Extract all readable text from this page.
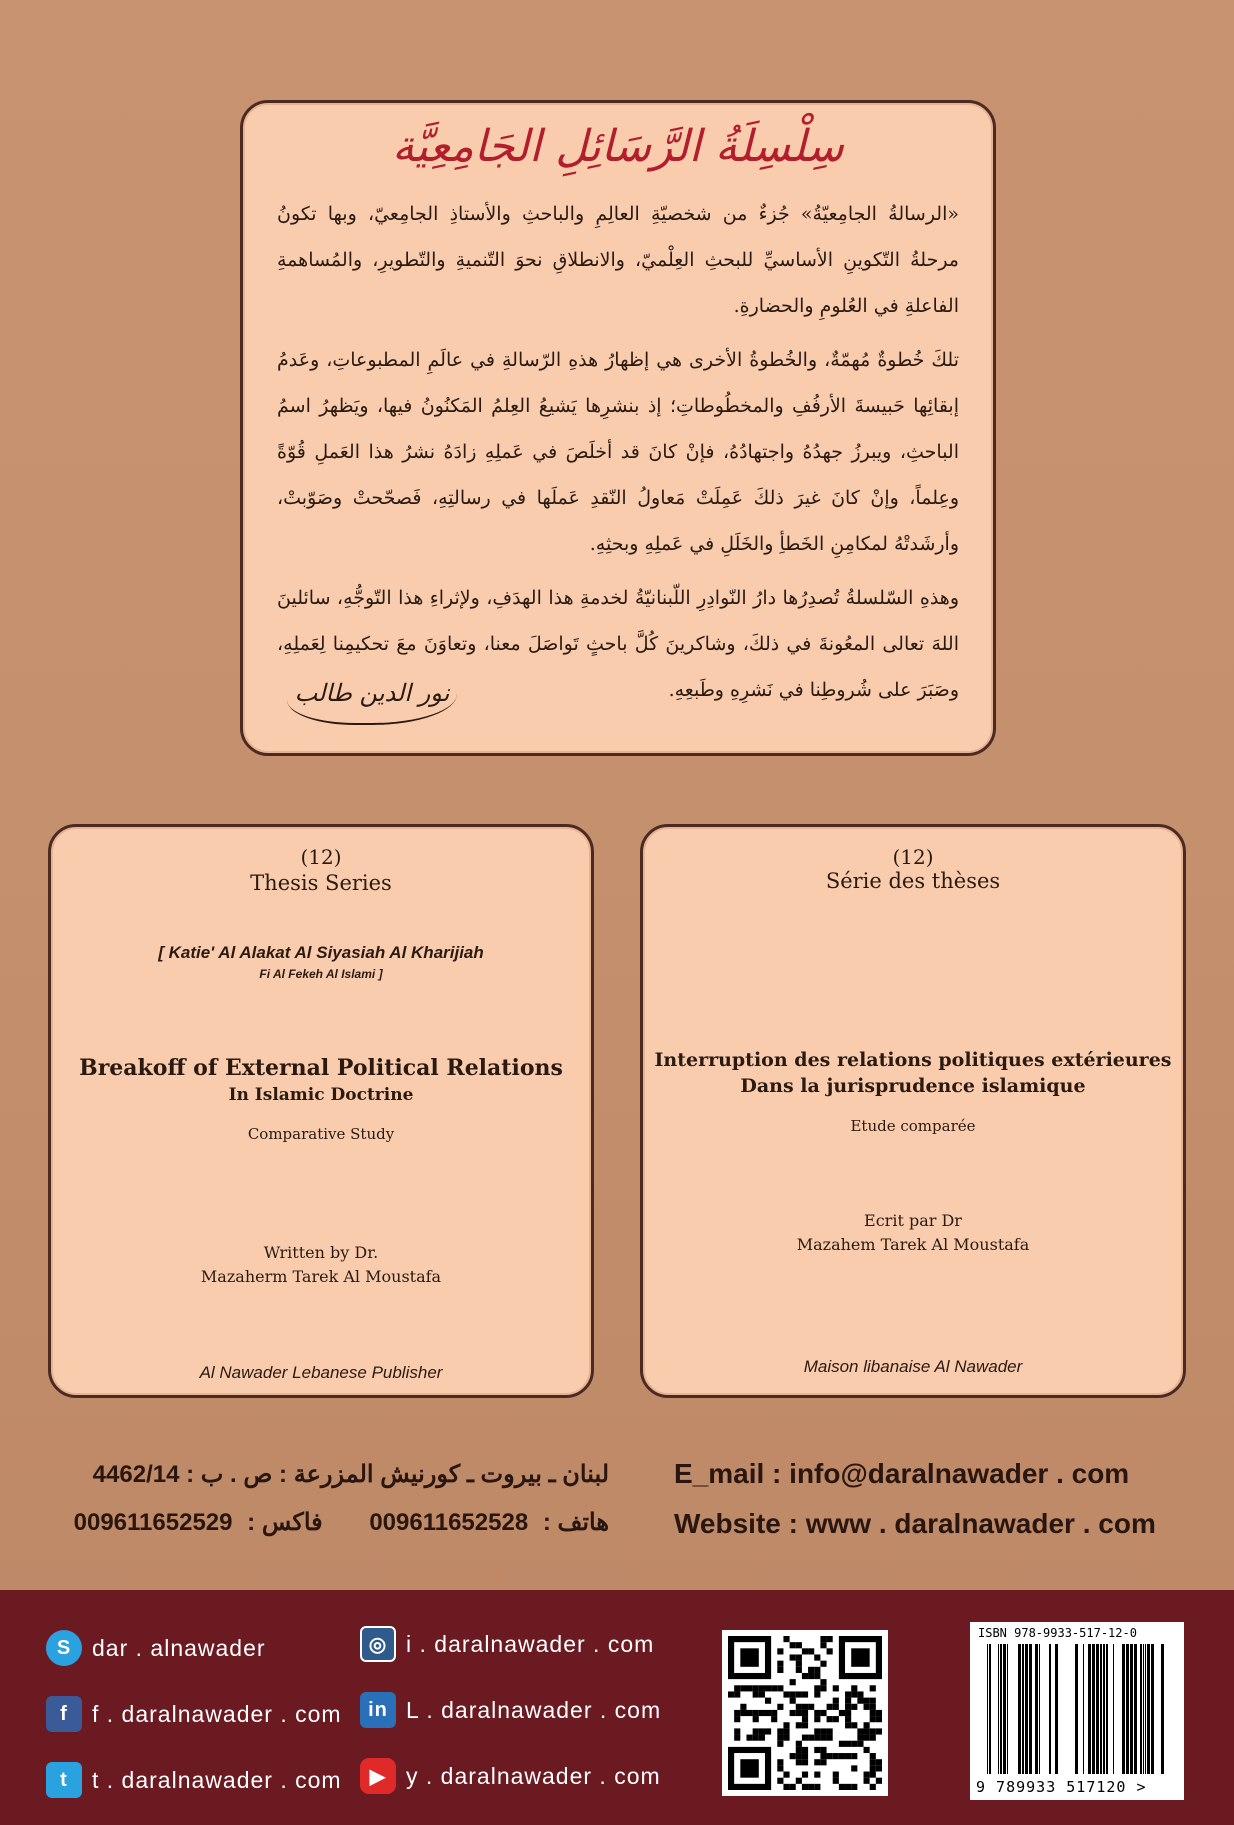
سِلْسِلَةُ الرَّسَائِلِ الجَامِعِيَّة

«الرسالةُ الجامِعيّةُ» جُزءٌ من شخصيّةِ العالِمِ والباحثِ والأستاذِ الجامِعيّ، وبها تكونُ مرحلةُ التّكوينِ الأساسيِّ للبحثِ العِلْميّ، والانطلاقِ نحوَ التّنميةِ والتّطويرِ، والمُساهمةِ الفاعلةِ في العُلومِ والحضارةِ.

تلكَ خُطوةٌ مُهمّةٌ، والخُطوةُ الأخرى هي إظهارُ هذهِ الرّسالةِ في عالَمِ المطبوعاتِ، وعَدمُ إبقائِها حَبيسةَ الأرفُفِ والمخطُوطاتِ؛ إذ بنشرِها يَشيعُ العِلمُ المَكنُونُ فيها، ويَظهرُ اسمُ الباحثِ، ويبرزُ جهدُهُ واجتهادُهُ، فإنْ كانَ قد أخلَصَ في عَملِهِ زادَهُ نشرُ هذا العَملِ قُوّةً وعِلماً، وإنْ كانَ غيرَ ذلكَ عَمِلَتْ مَعاولُ النّقدِ عَملَها في رسالتِهِ، فَصحّحتْ وصَوّبتْ، وأرشَدتْهُ لمكامِنِ الخَطأِ والخَلَلِ في عَملِهِ وبحثِهِ.

وهذهِ السّلسلةُ تُصدِرُها دارُ النّوادِرِ اللّبنانيّةُ لخدمةِ هذا الهدَفِ، ولإثراءِ هذا التّوجُّهِ، سائلينَ اللهَ تعالى المعُونةَ في ذلكَ، وشاكرينَ كُلَّ باحثٍ تَواصَلَ معنا، وتعاوَنَ معَ تحكيمِنا لِعَملِهِ، وصَبَرَ على شُروطِنا في نَشرِهِ وطَبعِهِ.

نور الدين طالب
(12)
Thesis Series
[ Katie' Al Alakat Al Siyasiah Al Kharijiah
Fi Al Fekeh Al Islami ]
Breakoff of External Political Relations
In Islamic Doctrine
Comparative Study
Written by Dr.
Mazaherm Tarek Al Moustafa
Al Nawader Lebanese Publisher
(12)
Série des thèses
Interruption des relations politiques extérieures
Dans la jurisprudence islamique
Etude comparée
Ecrit par Dr
Mazahem Tarek Al Moustafa
Maison libanaise Al Nawader
لبنان ـ بيروت ـ كورنيش المزرعة : ص . ب : 4462/14
هاتف : 009611652528 فاكس : 009611652529
E_mail : info@daralnawader . com
Website : www . daralnawader . com
S dar . alnawader
f	f . daralnawader . com
t	t . daralnawader . com
◎ i . daralnawader . com
in L . daralnawader . com
▶ y . daralnawader . com
ISBN 978-9933-517-12-0
9 789933 517120 >
